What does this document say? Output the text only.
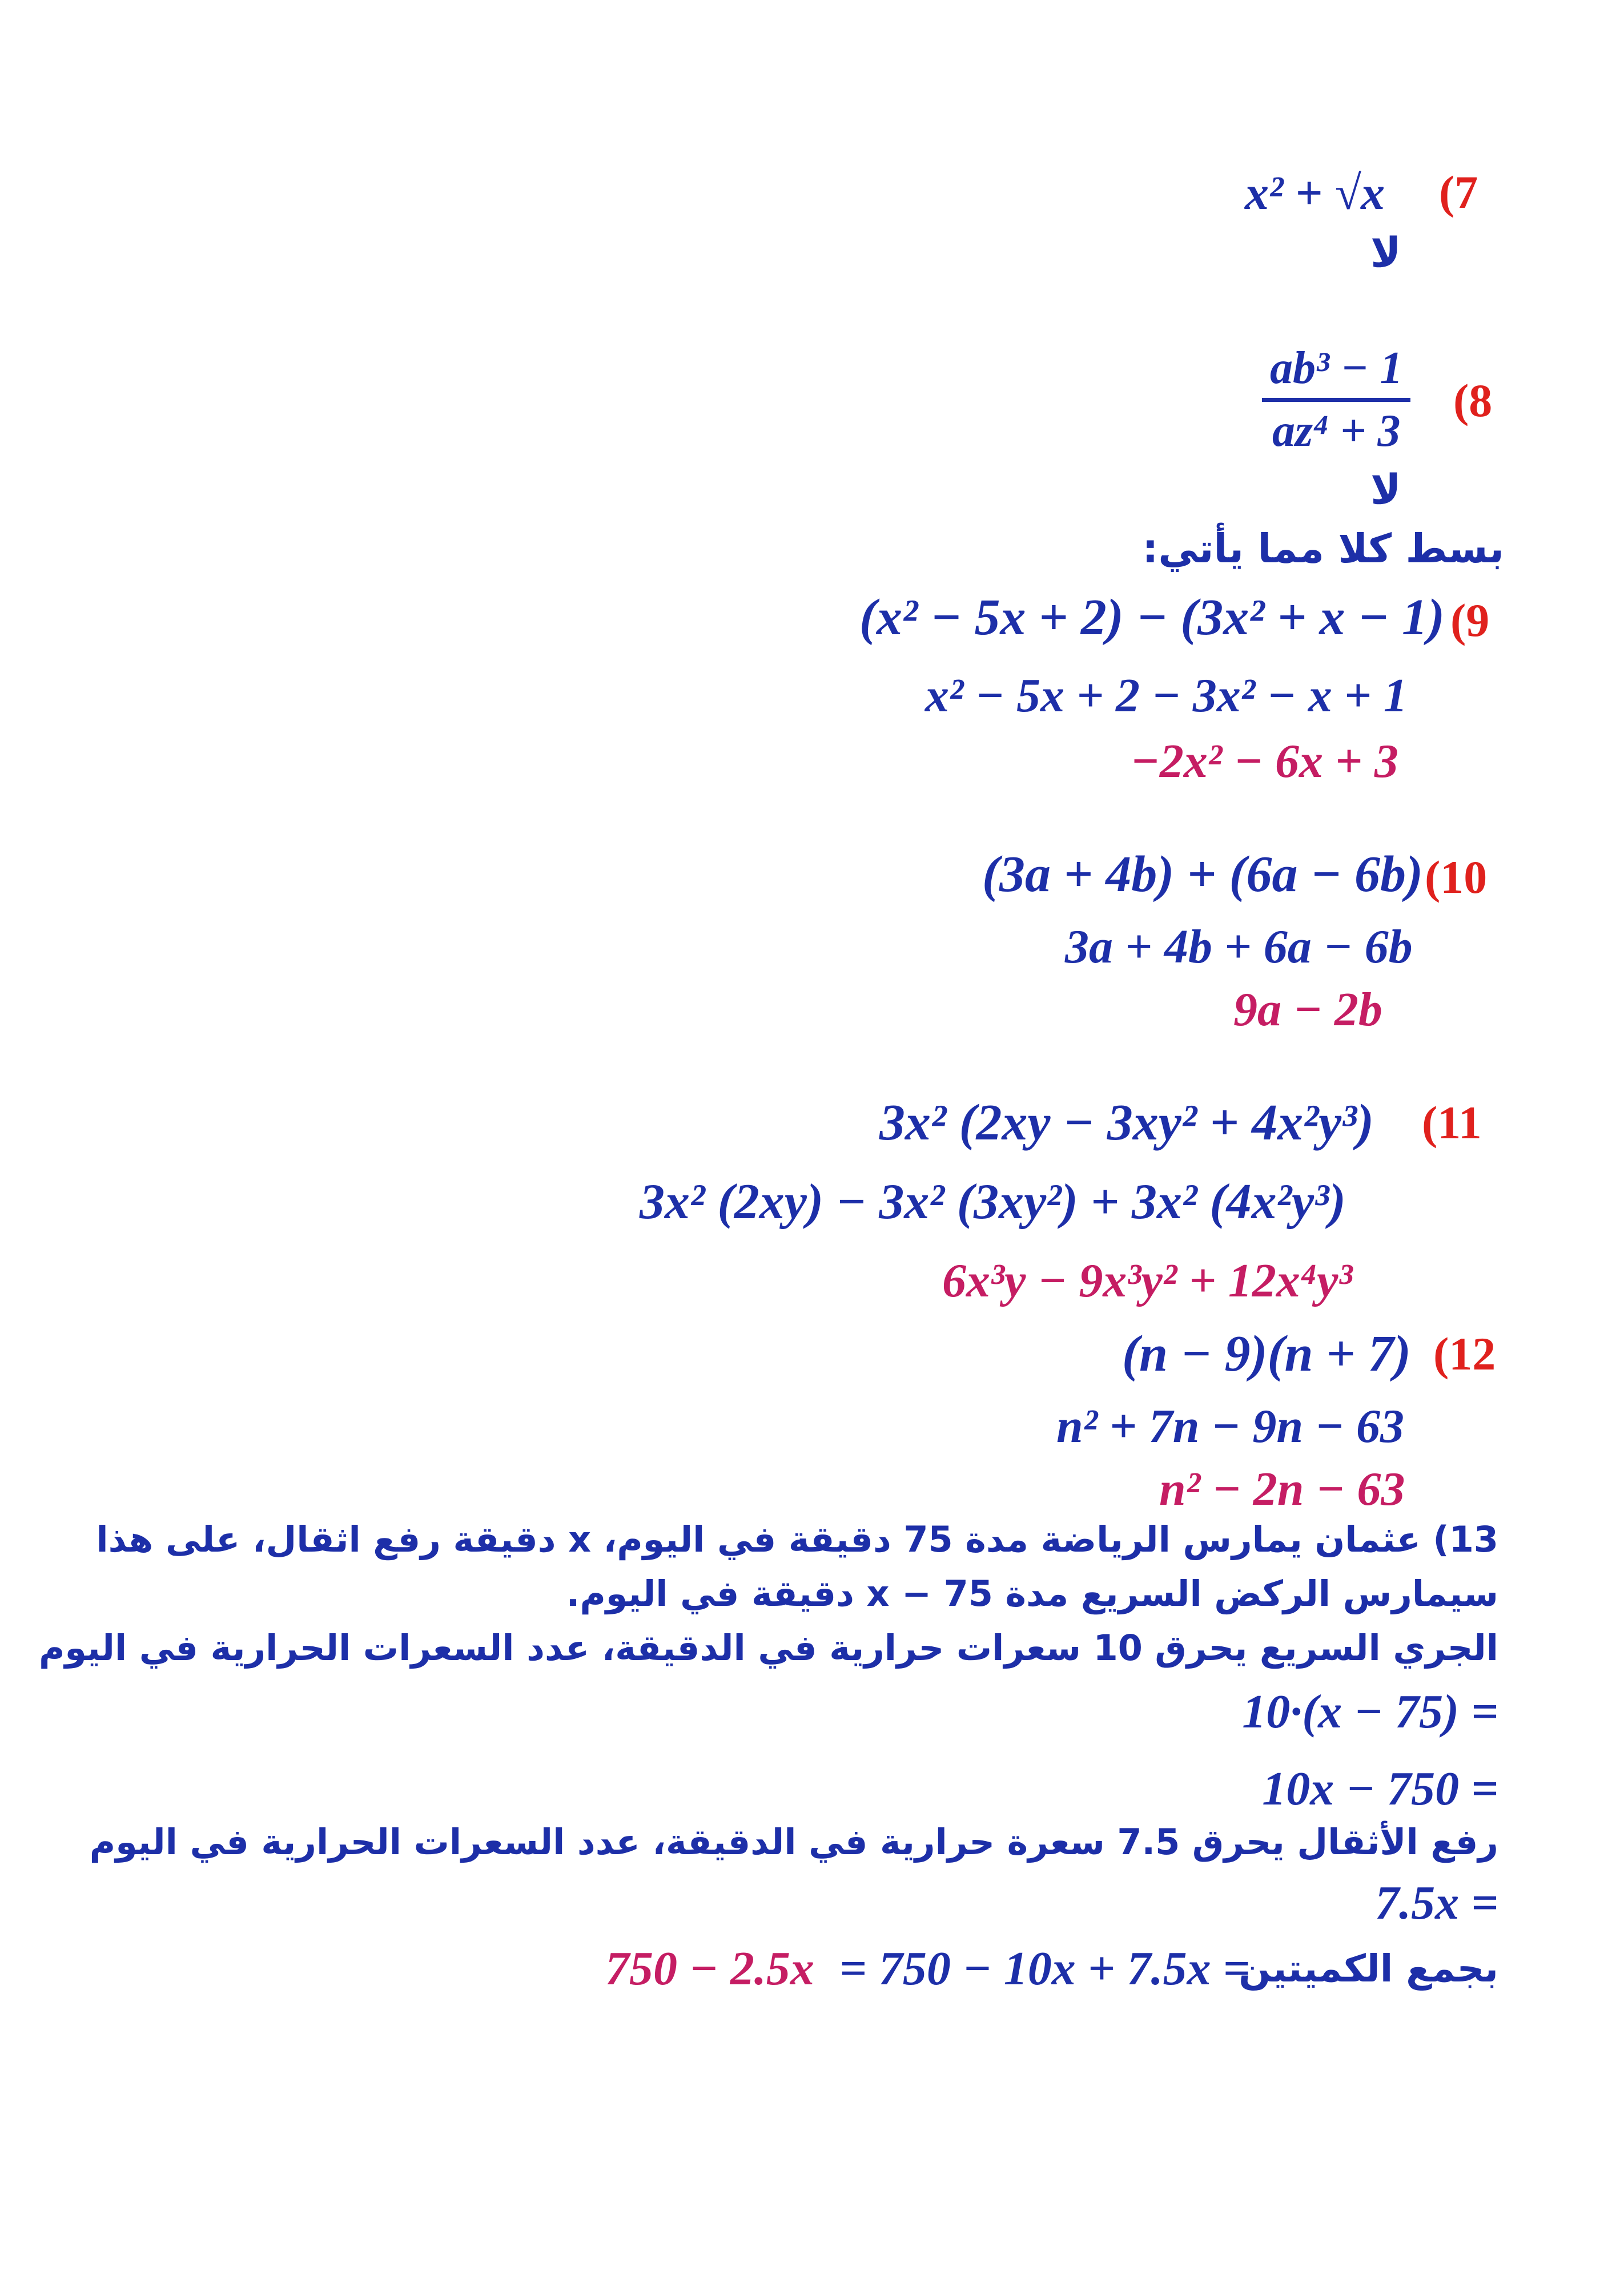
x² + √x (7
لا
$\frac{\text{ab³ − 1}}{\text{az⁴ + 3}} (8$
لا
بسط كلا مما يأتي:
(x² − 5x + 2) − (3x² + x − 1) (9
x² − 5x + 2 − 3x² − x + 1
−2x² − 6x + 3
(3a + 4b) + (6a − 6b) (10
3a + 4b + 6a − 6b
9a − 2b
3x² (2xy − 3xy² + 4x²y³) (11
3x² (2xy) − 3x² (3xy²) + 3x² (4x²y³)
6x³y − 9x³y² + 12x⁴y³
(n − 9)(n + 7) (12
n² + 7n − 9n − 63
n² − 2n − 63
13) عثمان يمارس الرياضة مدة 75 دقيقة في اليوم، x دقيقة رفع اثقال، على هذا
سيمارس الركض السريع مدة 75 − x دقيقة في اليوم.
الجري السريع يحرق 10 سعرات حرارية في الدقيقة، عدد السعرات الحرارية في اليوم
= (75 − x)·10
= 750 − 10x
رفع الأثقال يحرق 7.5 سعرة حرارية في الدقيقة، عدد السعرات الحرارية في اليوم
= 7.5x
بجمع الكميتين
= 750 − 10x + 7.5x =
750 − 2.5x
